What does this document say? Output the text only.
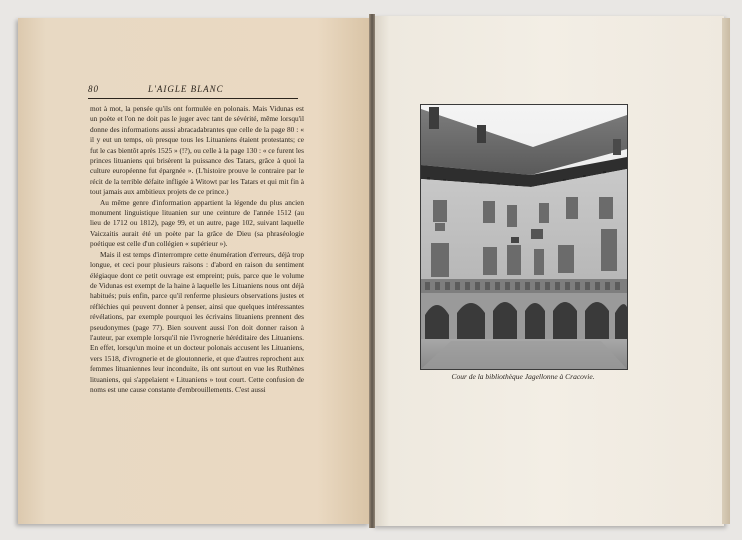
80	L'AIGLE BLANC

mot à mot, la pensée qu'ils ont formulée en polonais. Mais Vidunas est un poète et l'on ne doit pas le juger avec tant de sévérité, même lorsqu'il donne des informations aussi abracadabrantes que celle de la page 80 : « il y eut un temps, où presque tous les Lituaniens étaient protestants; ce fut le cas bientôt après 1525 » (!?), ou celle à la page 130 : « ce furent les princes lituaniens qui brisèrent la puissance des Tatars, grâce à quoi la culture européenne fut épargnée ». (L'histoire prouve le contraire par le récit de la terrible défaite infligée à Witowt par les Tatars et qui mit fin à tout jamais aux ambitieux projets de ce prince.)

Au même genre d'information appartient la légende du plus ancien monument linguistique lituanien sur une ceinture de l'année 1512 (au lieu de 1712 ou 1812), page 99, et un autre, page 102, suivant laquelle Vaiczaitis aurait été un poète par la grâce de Dieu (sa phraséologie poétique est celle d'un collégien « supérieur »).

Mais il est temps d'interrompre cette énumération d'erreurs, déjà trop longue, et ceci pour plusieurs raisons : d'abord en raison du sentiment élégiaque dont ce petit ouvrage est empreint; puis, parce que le volume de Vidunas est exempt de la haine à laquelle les Lituaniens nous ont déjà habitués; puis enfin, parce qu'il renferme plusieurs observations justes et réfléchies qui peuvent donner à penser, ainsi que quelques intéressantes révélations, par exemple pourquoi les écrivains lituaniens prennent des pseudonymes (page 77). Bien souvent aussi l'on doit donner raison à l'auteur, par exemple lorsqu'il nie l'ivrognerie héréditaire des Lituaniens. En effet, lorsqu'un moine et un docteur polonais accusent les Lituaniens, vers 1518, d'ivrognerie et de gloutonnerie, et que d'autres reprochent aux femmes lituaniennes leur inconduite, ils ont surtout en vue les Ruthènes lituaniens, qui s'appelaient « Lituaniens » tout court. Cette confusion de noms est une cause constante d'embrouillements. C'est aussi

Cour de la bibliothèque Jagellonne à Cracovie.
